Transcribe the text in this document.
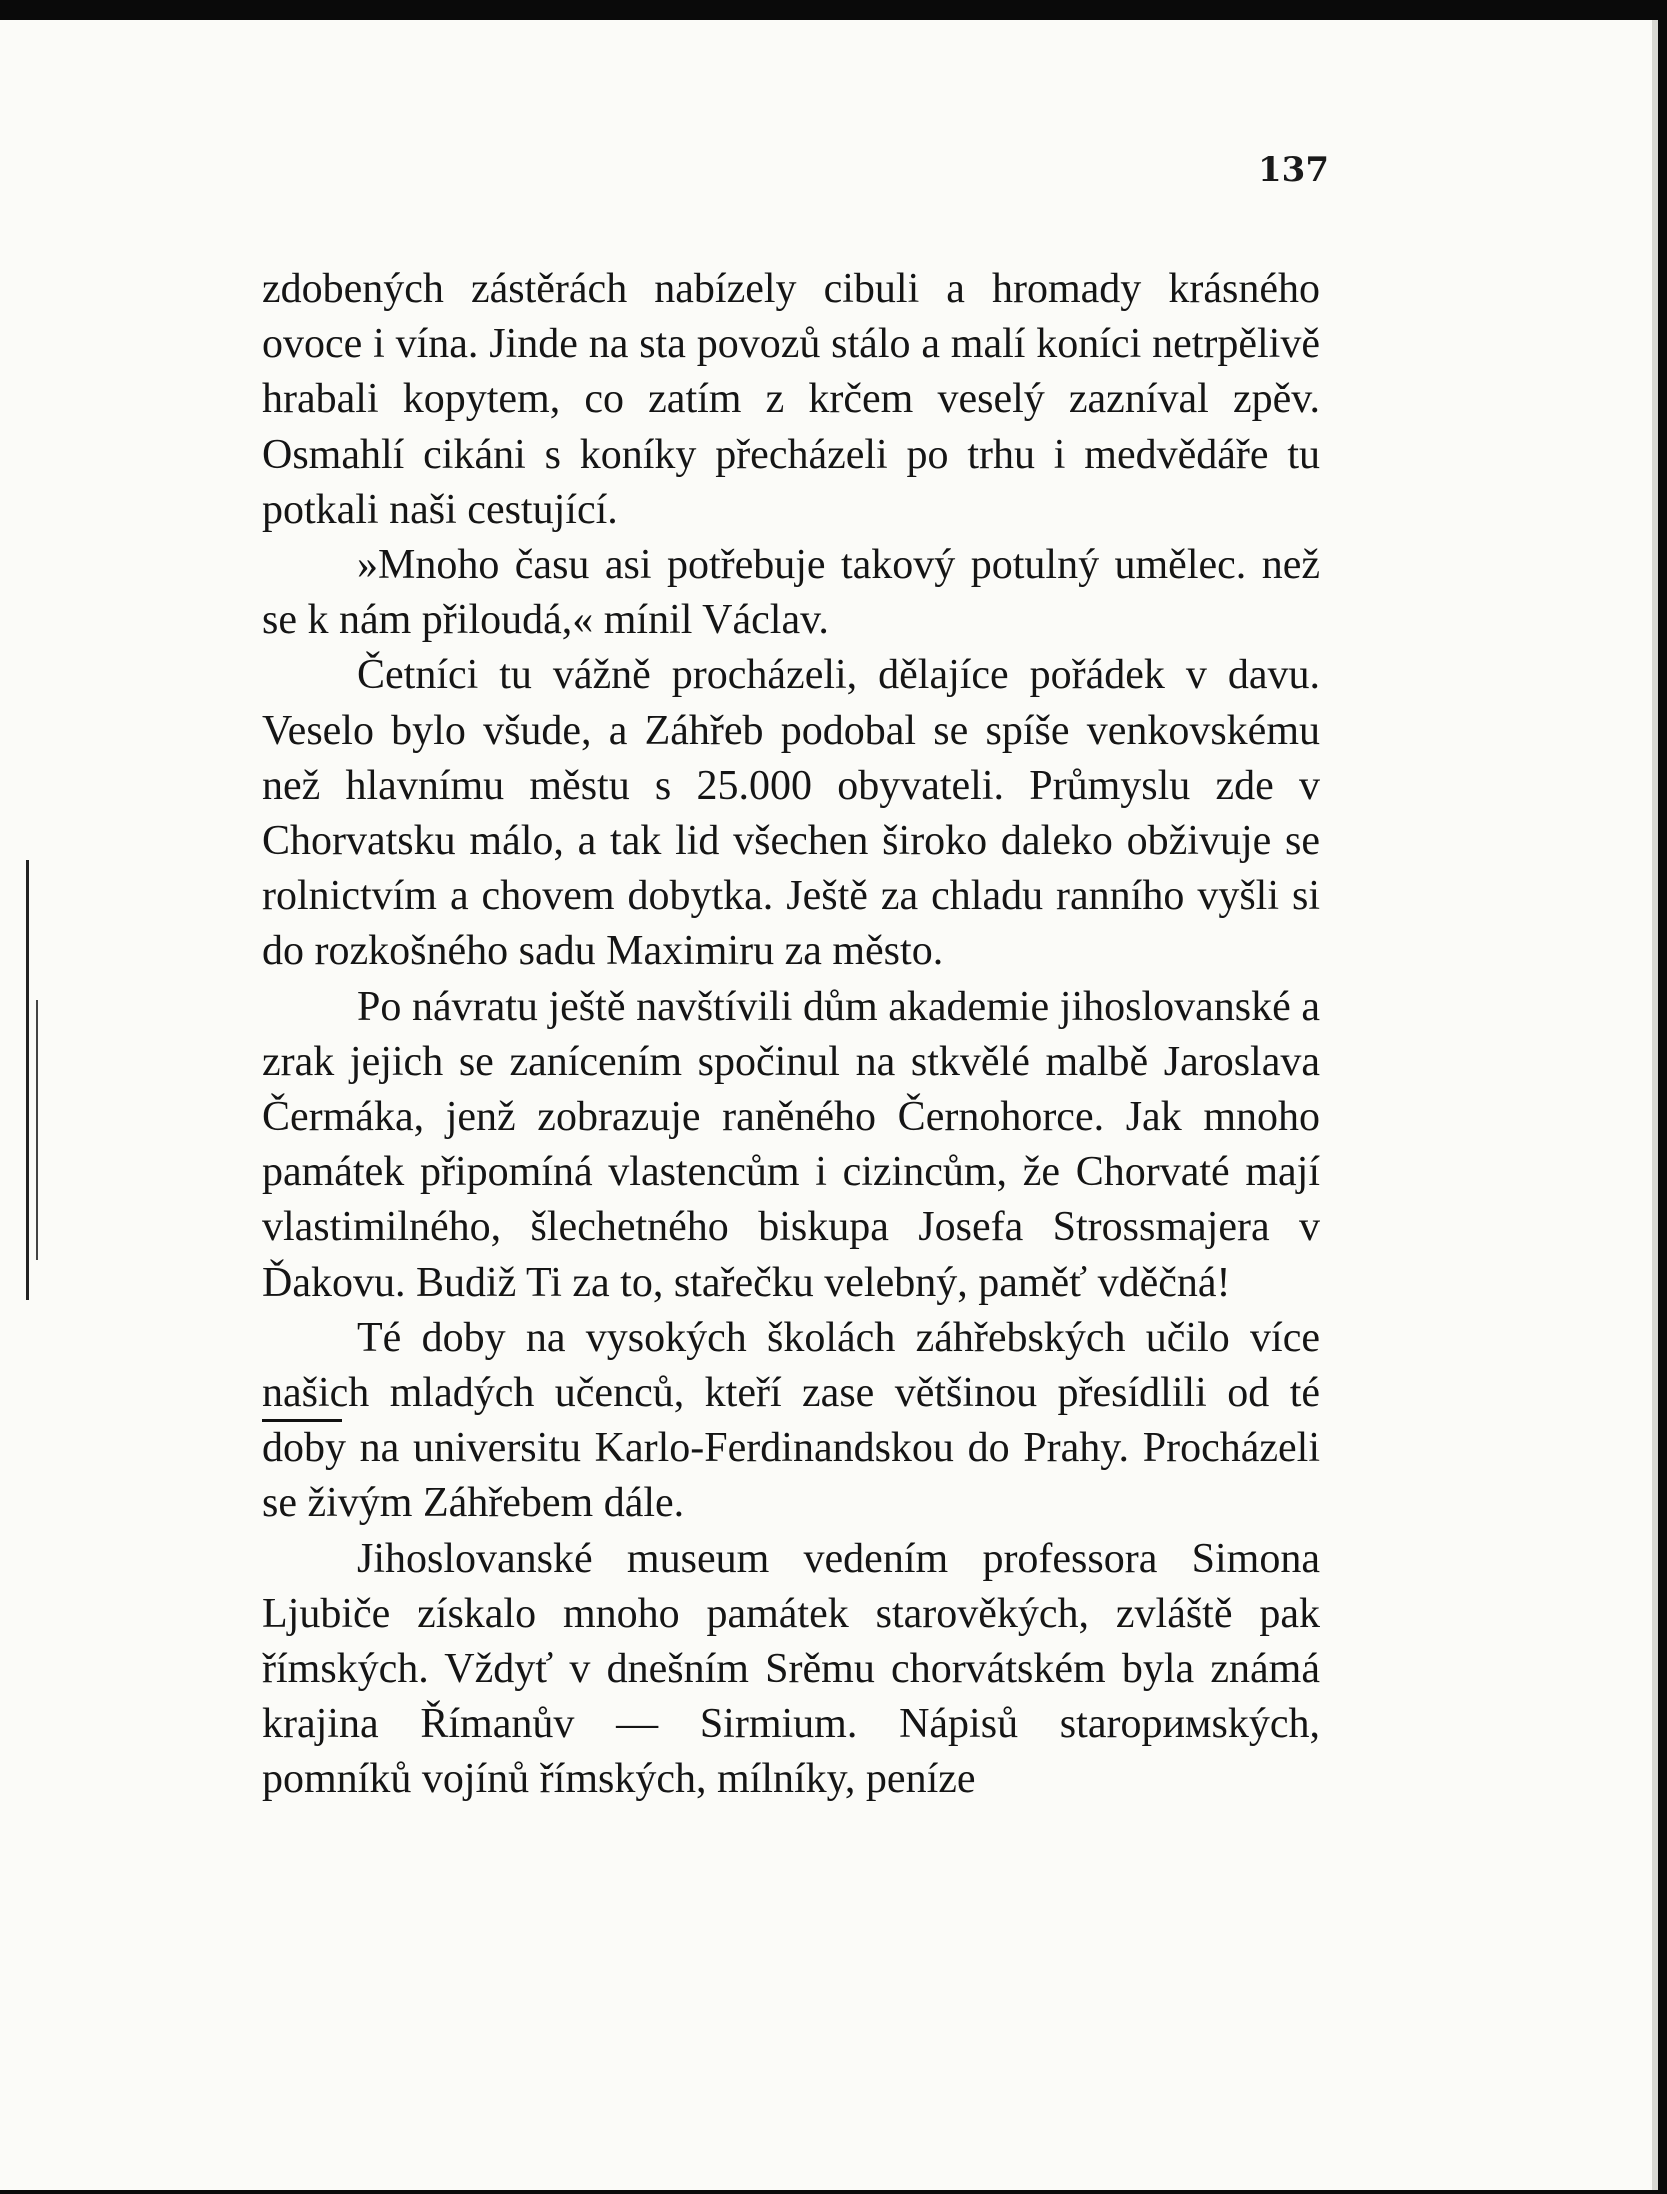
137

zdobených zástěrách nabízely cibuli a hromady krásného ovoce i vína. Jinde na sta povozů stálo a malí koníci netrpělivě hrabali kopytem, co zatím z krčem veselý zazníval zpěv. Osmahlí cikáni s koníky přecházeli po trhu i medvědáře tu potkali naši cestující.

»Mnoho času asi potřebuje takový potulný umělec. než se k nám přiloudá,« mínil Václav.

Četníci tu vážně procházeli, dělajíce pořádek v davu. Veselo bylo všude, a Záhřeb podobal se spíše venkovskému než hlavnímu městu s 25.000 obyvateli. Průmyslu zde v Chorvatsku málo, a tak lid všechen široko daleko obživuje se rolnictvím a chovem dobytka. Ještě za chladu ranního vyšli si do rozkošného sadu Maximiru za město.

Po návratu ještě navštívili dům akademie jihoslovanské a zrak jejich se zanícením spočinul na stkvělé malbě Jaroslava Čermáka, jenž zobrazuje raněného Černohorce. Jak mnoho památek připomíná vlastencům i cizincům, že Chorvaté mají vlastimilného, šlechetného biskupa Josefa Strossmajera v Ďakovu. Budiž Ti za to, stařečku velebný, paměť vděčná!

Té doby na vysokých školách záhřebských učilo více našich mladých učenců, kteří zase většinou přesídlili od té doby na universitu Karlo-Ferdinandskou do Prahy. Procházeli se živým Záhřebem dále.

Jihoslovanské museum vedením professora Simona Ljubiče získalo mnoho památek starověkých, zvláště pak římských. Vždyť v dnešním Srěmu chorvátském byla známá krajina Římanův — Sirmium. Nápisů staroримských, pomníků vojínů římských, mílníky, peníze
